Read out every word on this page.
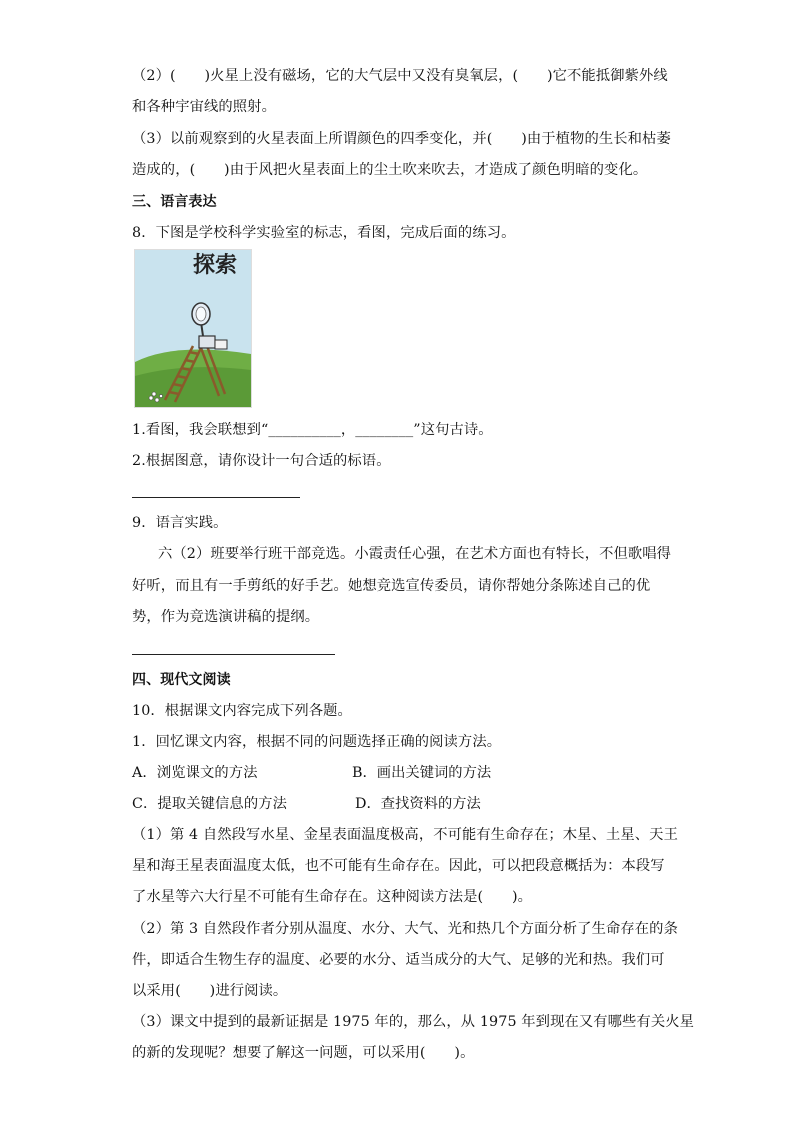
（2）(　　)火星上没有磁场，它的大气层中又没有臭氧层，(　　)它不能抵御紫外线
和各种宇宙线的照射。
（3）以前观察到的火星表面上所谓颜色的四季变化，并(　　)由于植物的生长和枯萎
造成的，(　　)由于风把火星表面上的尘土吹来吹去，才造成了颜色明暗的变化。
三、语言表达
8．下图是学校科学实验室的标志，看图，完成后面的练习。
探索
1.看图，我会联想到“__________，________”这句古诗。
2.根据图意，请你设计一句合适的标语。
9．语言实践。
六（2）班要举行班干部竞选。小霞责任心强，在艺术方面也有特长，不但歌唱得
好听，而且有一手剪纸的好手艺。她想竞选宣传委员，请你帮她分条陈述自己的优
势，作为竞选演讲稿的提纲。
四、现代文阅读
10．根据课文内容完成下列各题。
1．回忆课文内容，根据不同的问题选择正确的阅读方法。
A．浏览课文的方法	B．画出关键词的方法
C．提取关键信息的方法	D．查找资料的方法
（1）第 4 自然段写水星、金星表面温度极高，不可能有生命存在；木星、土星、天王
星和海王星表面温度太低，也不可能有生命存在。因此，可以把段意概括为：本段写
了水星等六大行星不可能有生命存在。这种阅读方法是(　　)。
（2）第 3 自然段作者分别从温度、水分、大气、光和热几个方面分析了生命存在的条
件，即适合生物生存的温度、必要的水分、适当成分的大气、足够的光和热。我们可
以采用(　　)进行阅读。
（3）课文中提到的最新证据是 1975 年的，那么，从 1975 年到现在又有哪些有关火星
的新的发现呢？想要了解这一问题，可以采用(　　)。
